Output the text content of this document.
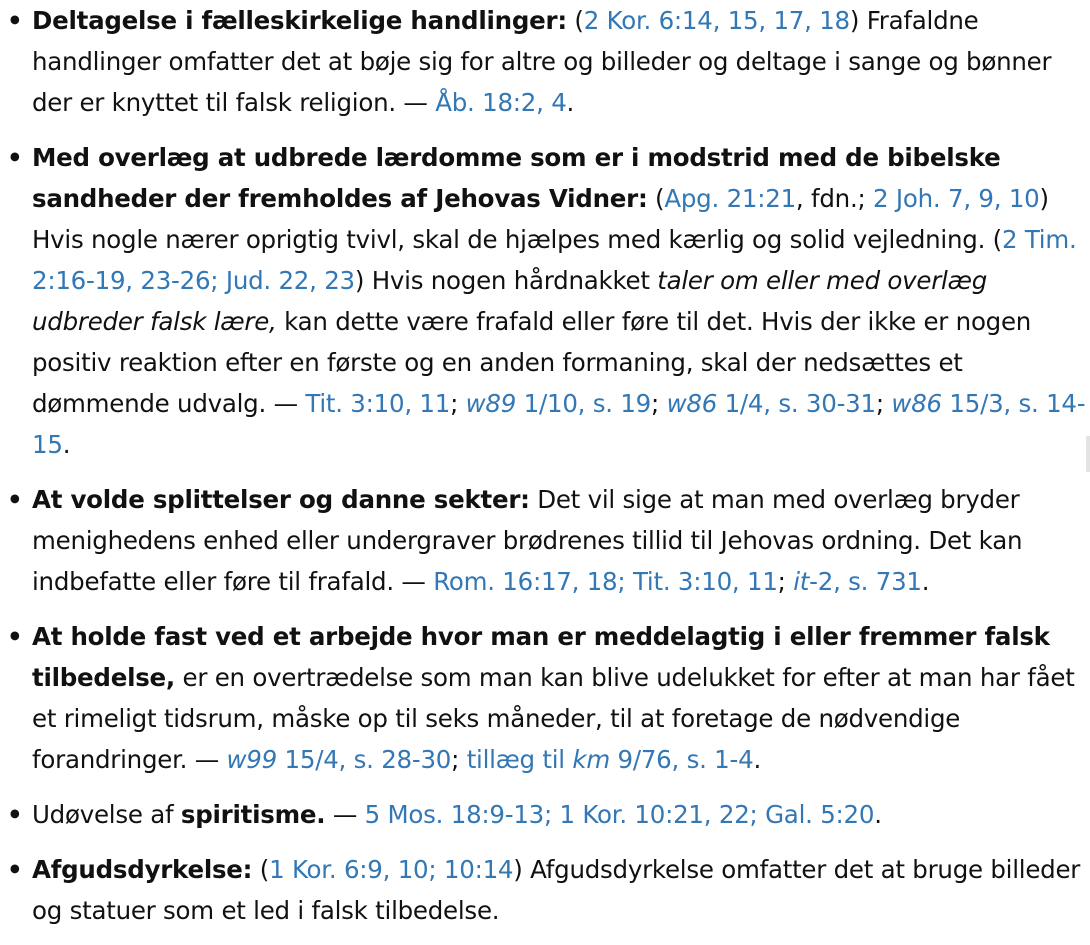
• Deltagelse i fælleskirkelige handlinger: (2 Kor. 6:14, 15, 17, 18) Frafaldne handlinger omfatter det at bøje sig for altre og billeder og deltage i sange og bønner der er knyttet til falsk religion. — Åb. 18:2, 4.
• Med overlæg at udbrede lærdomme som er i modstrid med de bibelske sandheder der fremholdes af Jehovas Vidner: (Apg. 21:21, fdn.; 2 Joh. 7, 9, 10) Hvis nogle nærer oprigtig tvivl, skal de hjælpes med kærlig og solid vejledning. (2 Tim. 2:16-19, 23-26; Jud. 22, 23) Hvis nogen hårdnakket taler om eller med overlæg udbreder falsk lære, kan dette være frafald eller føre til det. Hvis der ikke er nogen positiv reaktion efter en første og en anden formaning, skal der nedsættes et dømmende udvalg. — Tit. 3:10, 11; w89 1/10, s. 19; w86 1/4, s. 30-31; w86 15/3, s. 14-15.
• At volde splittelser og danne sekter: Det vil sige at man med overlæg bryder menighedens enhed eller undergraver brødrenes tillid til Jehovas ordning. Det kan indbefatte eller føre til frafald. — Rom. 16:17, 18; Tit. 3:10, 11; it-2, s. 731.
• At holde fast ved et arbejde hvor man er meddelagtig i eller fremmer falsk tilbedelse, er en overtrædelse som man kan blive udelukket for efter at man har fået et rimeligt tidsrum, måske op til seks måneder, til at foretage de nødvendige forandringer. — w99 15/4, s. 28-30; tillæg til km 9/76, s. 1-4.
• Udøvelse af spiritisme. — 5 Mos. 18:9-13; 1 Kor. 10:21, 22; Gal. 5:20.
• Afgudsdyrkelse: (1 Kor. 6:9, 10; 10:14) Afgudsdyrkelse omfatter det at bruge billeder og statuer som et led i falsk tilbedelse.
